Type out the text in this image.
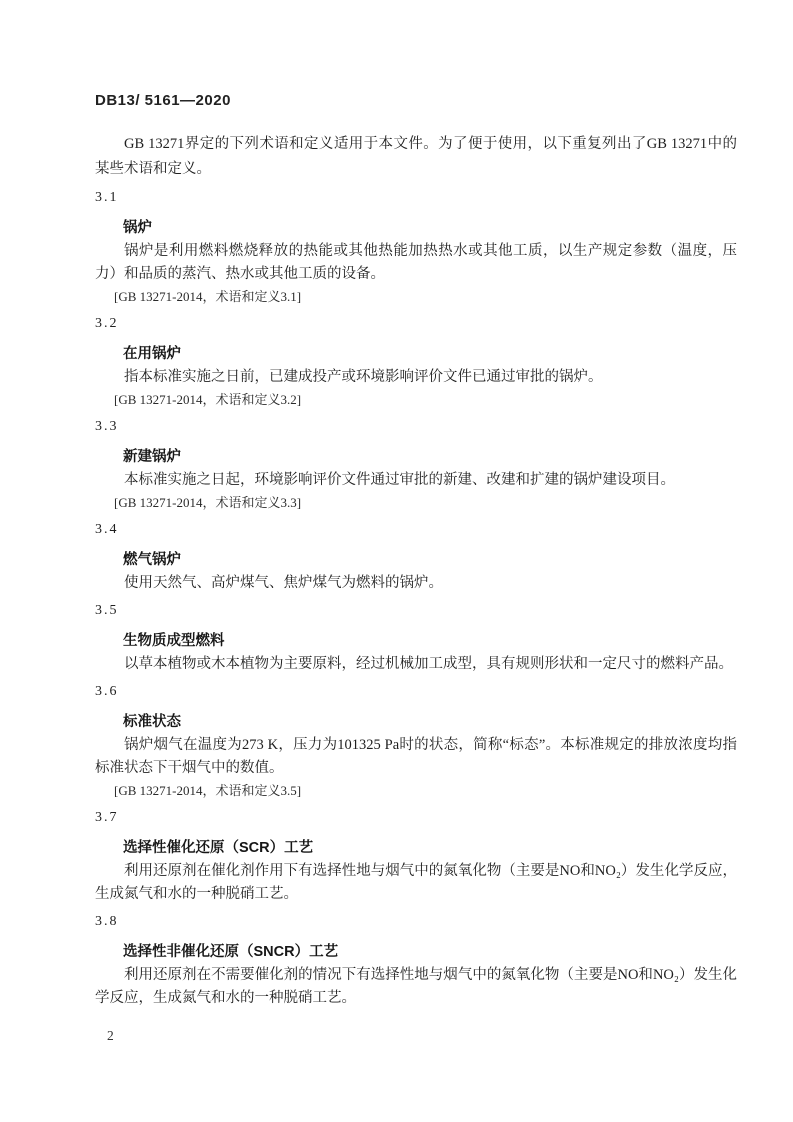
DB13/ 5161—2020

GB 13271界定的下列术语和定义适用于本文件。为了便于使用，以下重复列出了GB 13271中的某些术语和定义。

3.1
锅炉
锅炉是利用燃料燃烧释放的热能或其他热能加热热水或其他工质，以生产规定参数（温度，压力）和品质的蒸汽、热水或其他工质的设备。
[GB 13271-2014，术语和定义3.1]
3.2
在用锅炉
指本标准实施之日前，已建成投产或环境影响评价文件已通过审批的锅炉。
[GB 13271-2014，术语和定义3.2]
3.3
新建锅炉
本标准实施之日起，环境影响评价文件通过审批的新建、改建和扩建的锅炉建设项目。
[GB 13271-2014，术语和定义3.3]
3.4
燃气锅炉
使用天然气、高炉煤气、焦炉煤气为燃料的锅炉。
3.5
生物质成型燃料
以草本植物或木本植物为主要原料，经过机械加工成型，具有规则形状和一定尺寸的燃料产品。
3.6
标准状态
锅炉烟气在温度为273 K，压力为101325 Pa时的状态，简称“标态”。本标准规定的排放浓度均指标准状态下干烟气中的数值。
[GB 13271-2014，术语和定义3.5]
3.7
选择性催化还原（SCR）工艺
利用还原剂在催化剂作用下有选择性地与烟气中的氮氧化物（主要是NO和NO₂）发生化学反应，生成氮气和水的一种脱硝工艺。
3.8
选择性非催化还原（SNCR）工艺
利用还原剂在不需要催化剂的情况下有选择性地与烟气中的氮氧化物（主要是NO和NO₂）发生化学反应，生成氮气和水的一种脱硝工艺。
2
